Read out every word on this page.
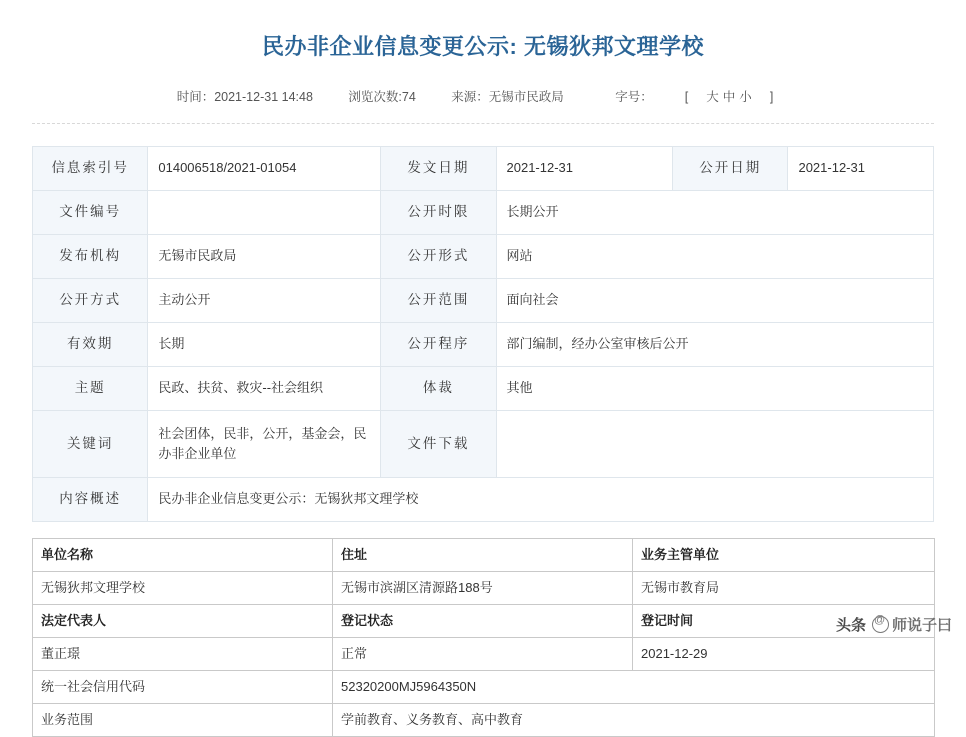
民办非企业信息变更公示: 无锡狄邦文理学校
时间：2021-12-31 14:48	浏览次数:74	来源：无锡市民政局	字号：	[ 大 中 小 ]
信息索引号	014006518/2021-01054	发文日期	2021-12-31	公开日期	2021-12-31
文件编号		公开时限	长期公开		
发布机构	无锡市民政局	公开形式	网站		
公开方式	主动公开	公开范围	面向社会		
有效期	长期	公开程序	部门编制，经办公室审核后公开		
主题	民政、扶贫、救灾--社会组织	体裁	其他		
关键词	社会团体，民非，公开，基金会，民办非企业单位	文件下载			
内容概述	民办非企业信息变更公示：无锡狄邦文理学校				
单位名称	住址	业务主管单位
无锡狄邦文理学校	无锡市滨湖区清源路188号	无锡市教育局
法定代表人	登记状态	登记时间
董正璟	正常	2021-12-29
统一社会信用代码	52320200MJ5964350N	
业务范围	学前教育、义务教育、高中教育	
头条 @ 师说子曰
